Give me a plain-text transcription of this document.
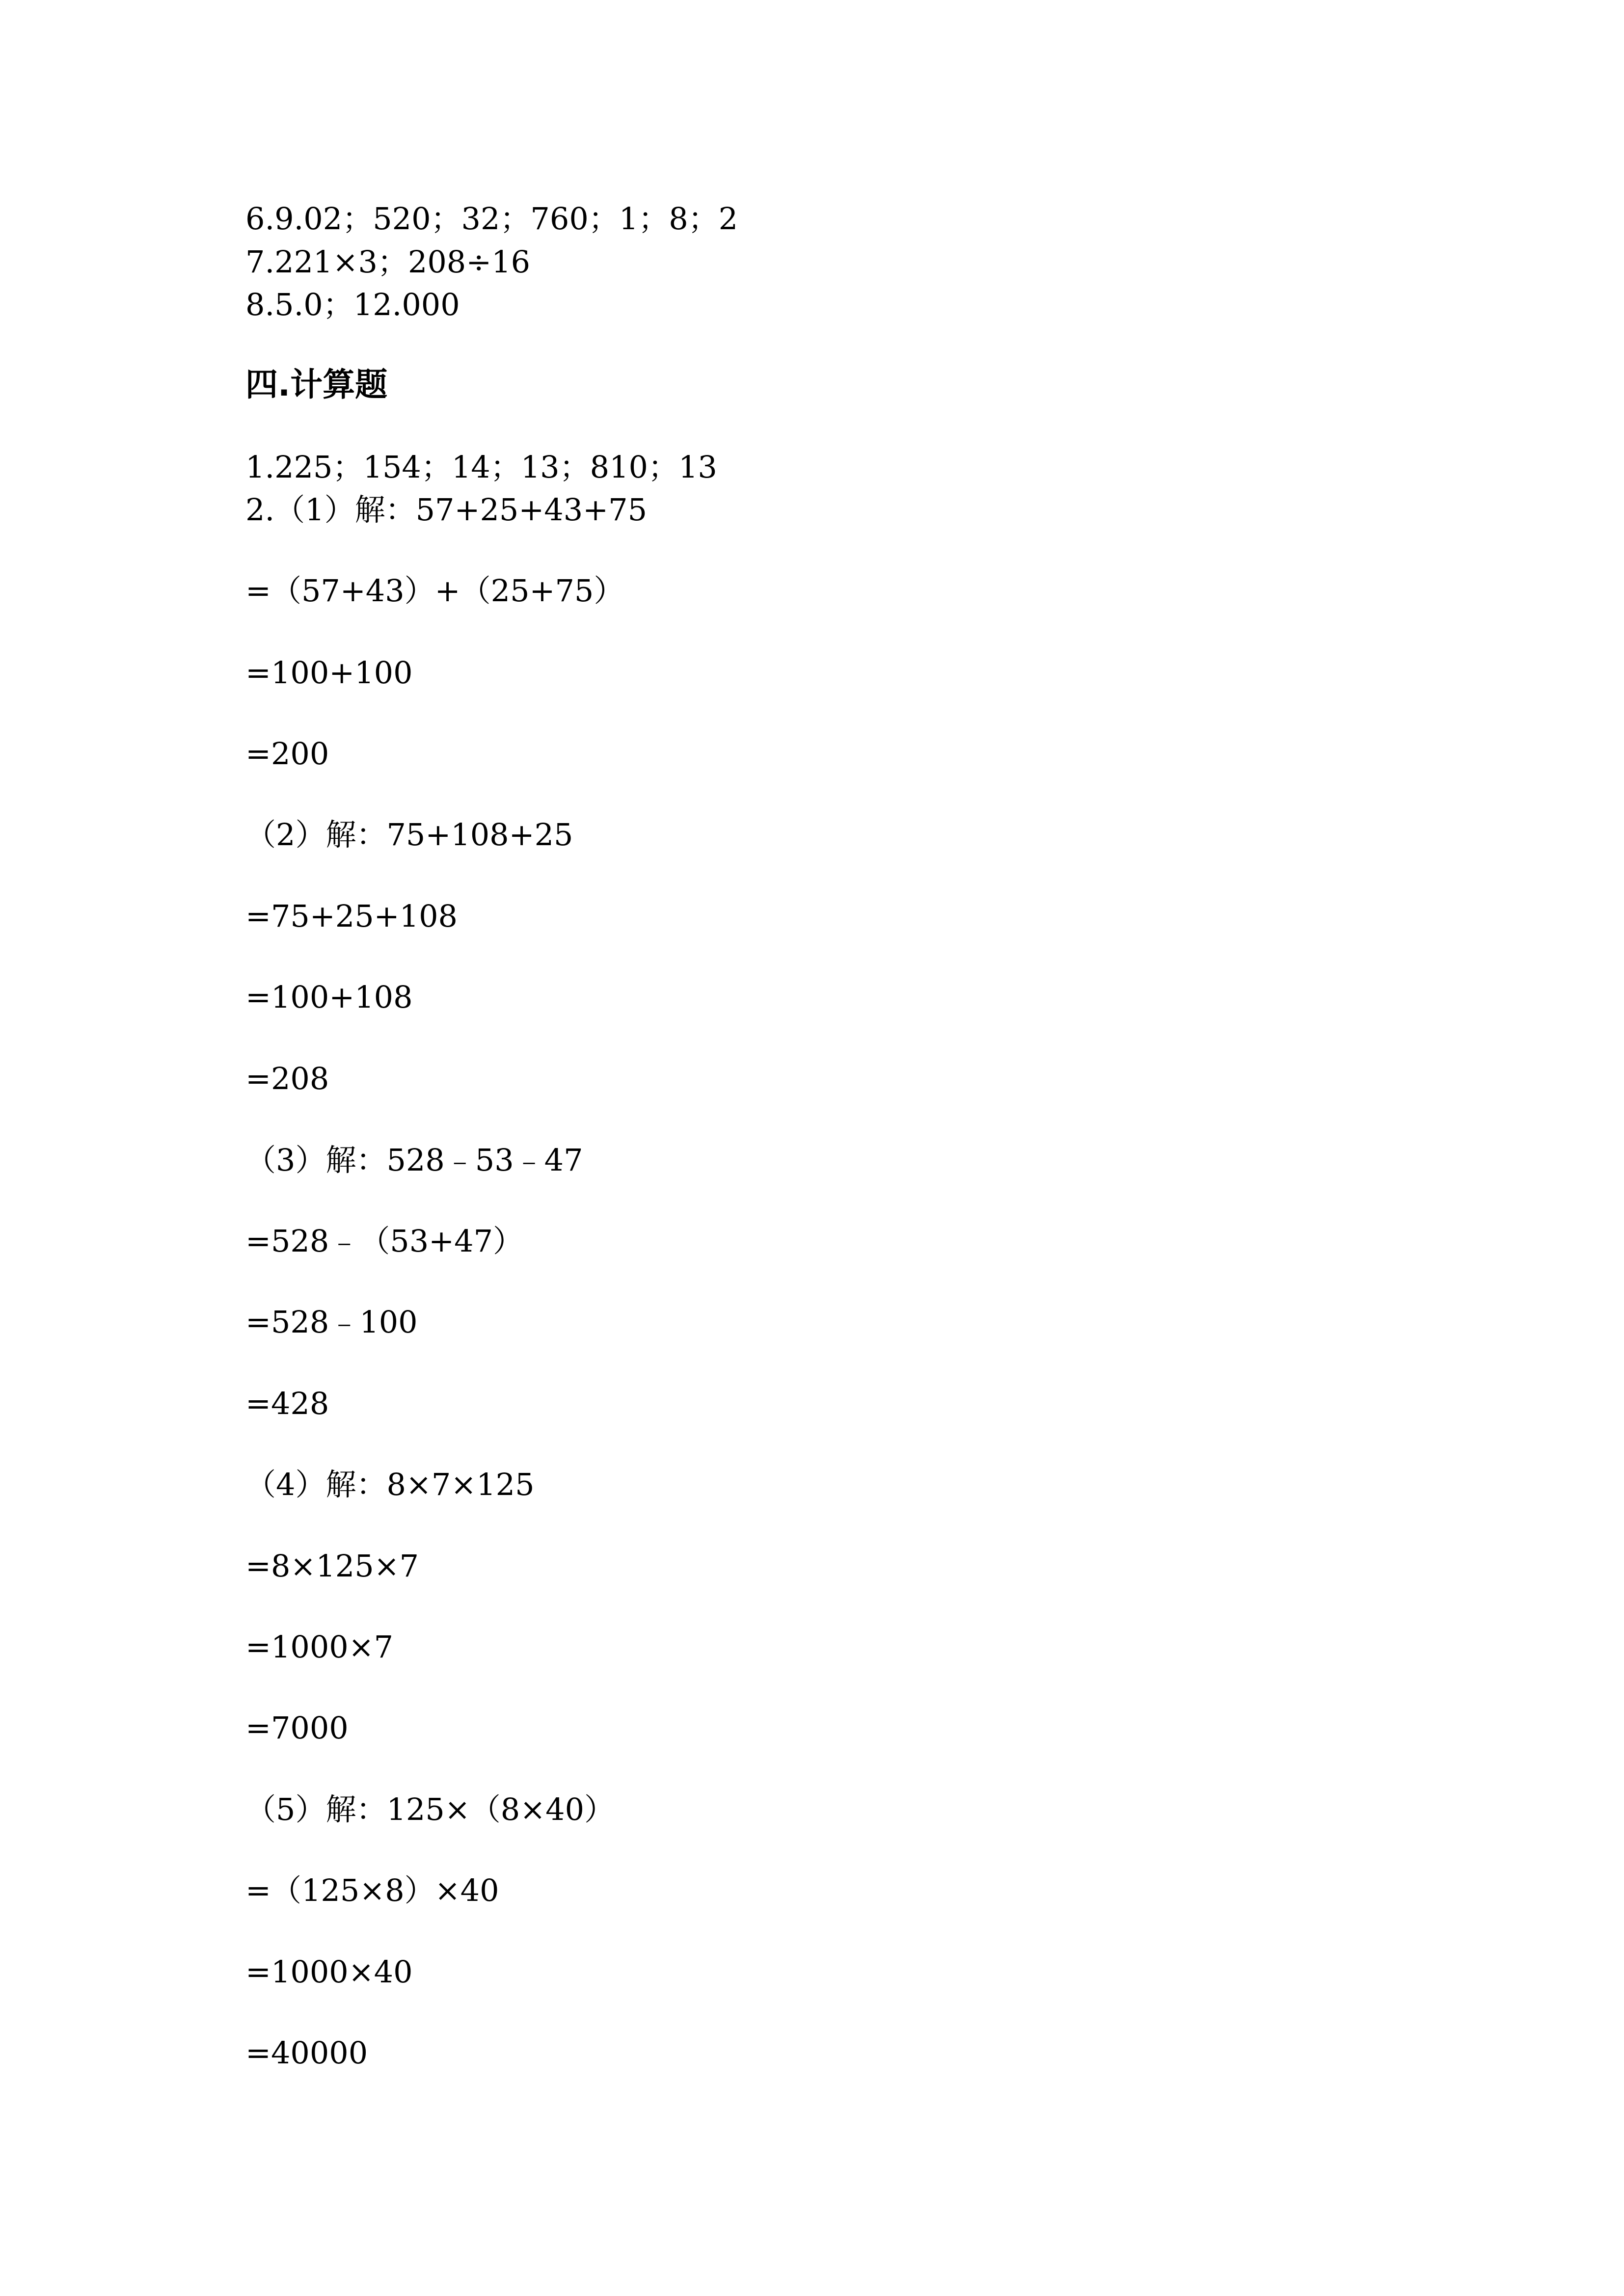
6.9.02；520；32；760；1；8；2
7.221×3；208÷16
8.5.0；12.000
四.计算题
1.225；154；14；13；810；13
2.（1）解：57+25+43+75
=（57+43）+（25+75）
=100+100
=200
（2）解：75+108+25
=75+25+108
=100+108
=208
（3）解：528﹣53﹣47
=528﹣（53+47）
=528﹣100
=428
（4）解：8×7×125
=8×125×7
=1000×7
=7000
（5）解：125×（8×40）
=（125×8）×40
=1000×40
=40000
